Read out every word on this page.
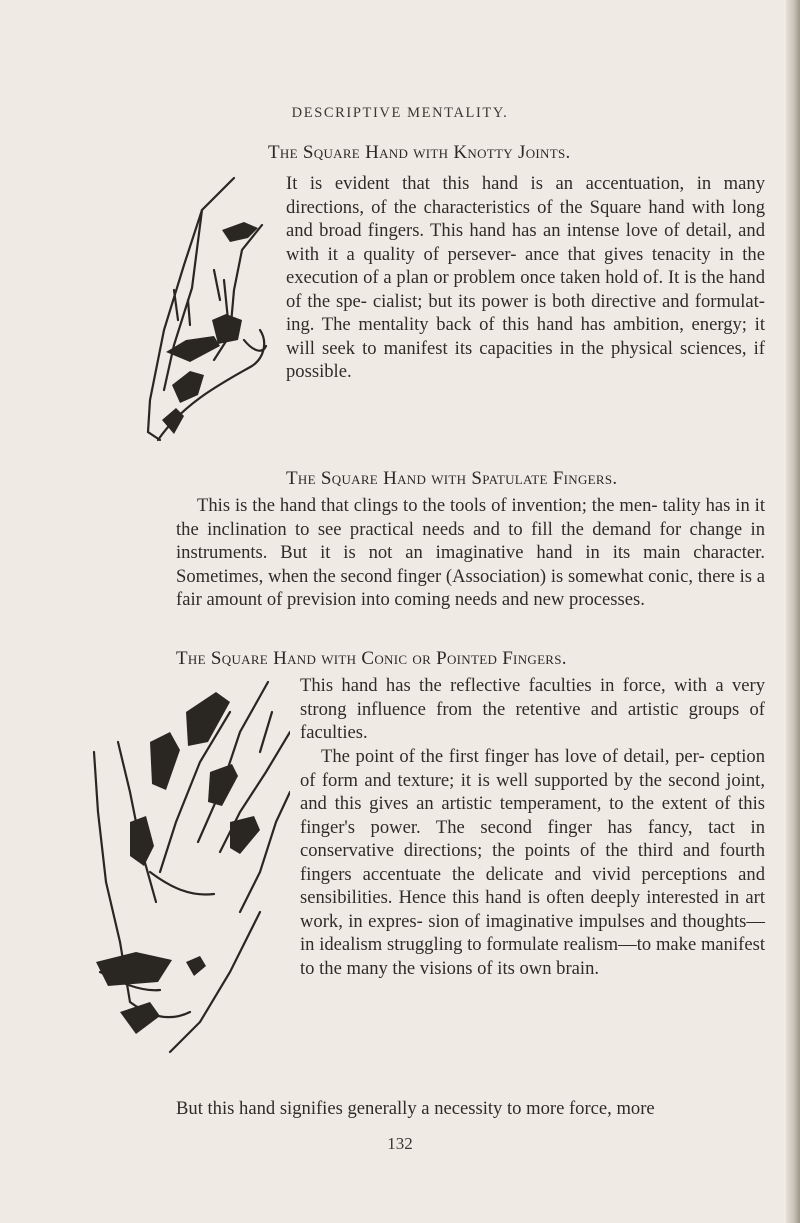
DESCRIPTIVE MENTALITY.
The Square Hand with Knotty Joints.
It is evident that this hand is an accentuation, in many directions, of the characteristics of the Square hand with long and broad fingers. This hand has an intense love of detail, and with it a quality of persever- ance that gives tenacity in the execution of a plan or problem once taken hold of. It is the hand of the spe- cialist; but its power is both directive and formulat- ing. The mentality back of this hand has ambition, energy; it will seek to manifest its capacities in the physical sciences, if possible.
The Square Hand with Spatulate Fingers.
This is the hand that clings to the tools of invention; the men- tality has in it the inclination to see practical needs and to fill the demand for change in instruments. But it is not an imaginative hand in its main character. Sometimes, when the second finger (Association) is somewhat conic, there is a fair amount of prevision into coming needs and new processes.
The Square Hand with Conic or Pointed Fingers.
This hand has the reflective faculties in force, with a very strong influence from the retentive and artistic groups of faculties.
The point of the first finger has love of detail, per- ception of form and texture; it is well supported by the second joint, and this gives an artistic temperament, to the extent of this finger's power. The second finger has fancy, tact in conservative directions; the points of the third and fourth fingers accentuate the delicate and vivid perceptions and sensibilities. Hence this hand is often deeply interested in art work, in expres- sion of imaginative impulses and thoughts—in idealism struggling to formulate realism—to make manifest to the many the visions of its own brain.
But this hand signifies generally a necessity to more force, more
132
